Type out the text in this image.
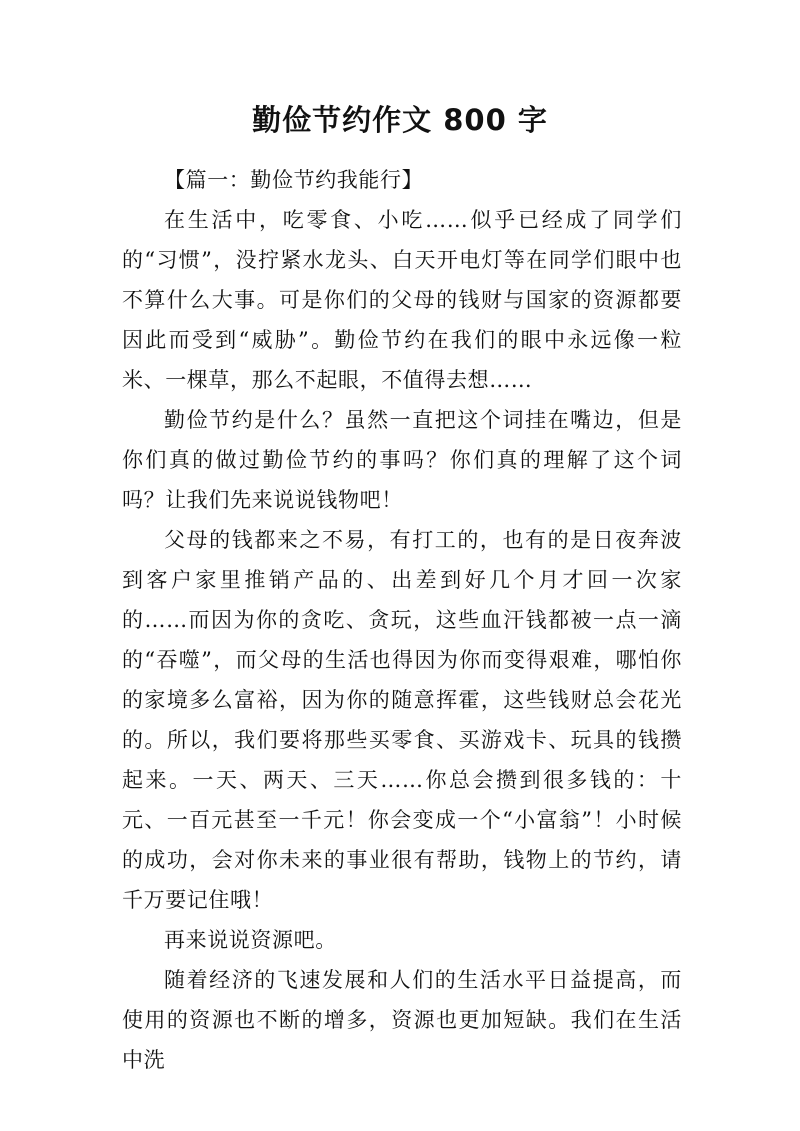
勤俭节约作文 800 字

【篇一：勤俭节约我能行】

在生活中，吃零食、小吃……似乎已经成了同学们的“习惯”，没拧紧水龙头、白天开电灯等在同学们眼中也不算什么大事。可是你们的父母的钱财与国家的资源都要因此而受到“威胁”。勤俭节约在我们的眼中永远像一粒米、一棵草，那么不起眼，不值得去想……

勤俭节约是什么？虽然一直把这个词挂在嘴边，但是你们真的做过勤俭节约的事吗？你们真的理解了这个词吗？让我们先来说说钱物吧！

父母的钱都来之不易，有打工的，也有的是日夜奔波到客户家里推销产品的、出差到好几个月才回一次家的……而因为你的贪吃、贪玩，这些血汗钱都被一点一滴的“吞噬”，而父母的生活也得因为你而变得艰难，哪怕你的家境多么富裕，因为你的随意挥霍，这些钱财总会花光的。所以，我们要将那些买零食、买游戏卡、玩具的钱攒起来。一天、两天、三天……你总会攒到很多钱的：十元、一百元甚至一千元！你会变成一个“小富翁”！小时候的成功，会对你未来的事业很有帮助，钱物上的节约，请千万要记住哦！

再来说说资源吧。

随着经济的飞速发展和人们的生活水平日益提高，而使用的资源也不断的增多，资源也更加短缺。我们在生活中洗
